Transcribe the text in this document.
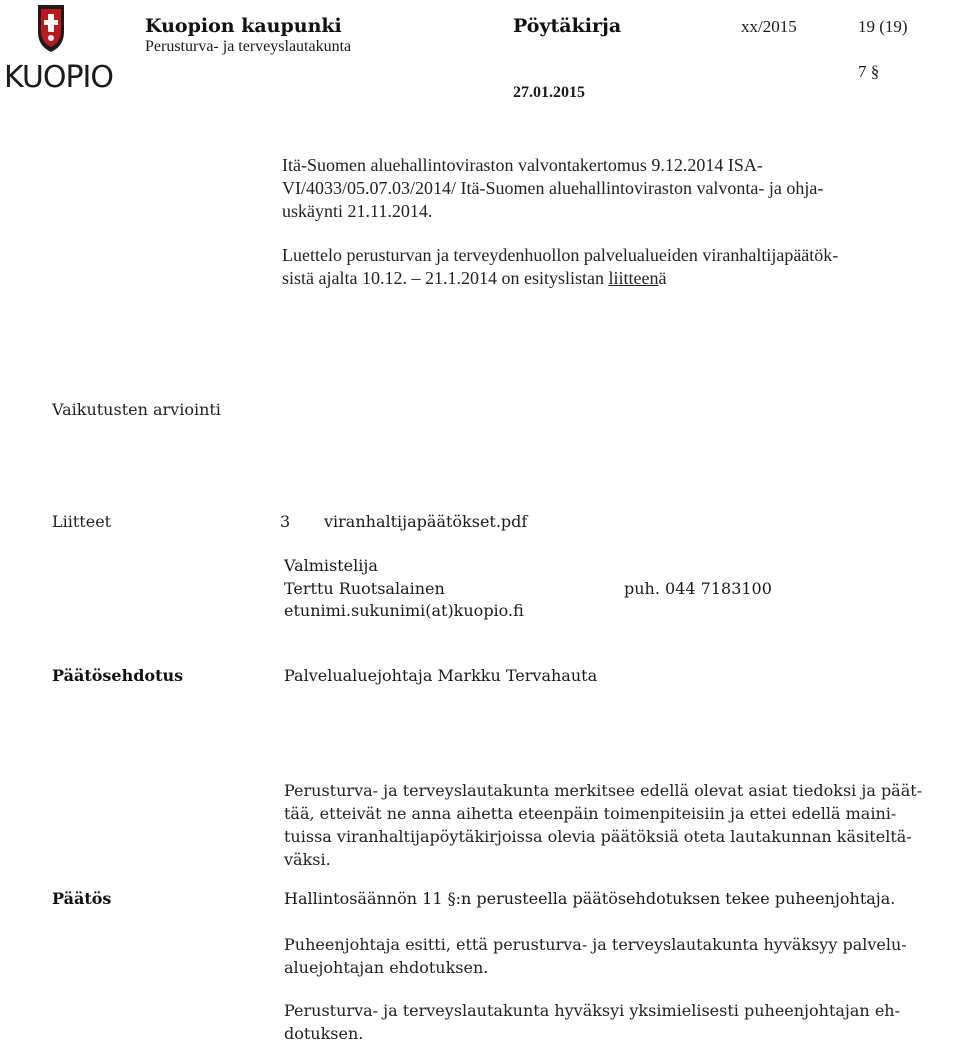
KUOPIO
Kuopion kaupunki
Perusturva- ja terveyslautakunta
Pöytäkirja	xx/2015	19 (19)
7 §
27.01.2015
Itä-Suomen aluehallintoviraston valvontakertomus 9.12.2014 ISA-
VI/4033/05.07.03/2014/ Itä-Suomen aluehallintoviraston valvonta- ja ohja-
uskäynti 21.11.2014.
Luettelo perusturvan ja terveydenhuollon palvelualueiden viranhaltijapäätök-
sistä ajalta 10.12. – 21.1.2014 on esityslistan liitteenä
Vaikutusten arviointi
Liitteet	3 viranhaltijapäätökset.pdf
Valmistelija
Terttu Ruotsalainen	puh. 044 7183100
etunimi.sukunimi(at)kuopio.fi
Päätösehdotus	Palvelualuejohtaja Markku Tervahauta
Perusturva- ja terveyslautakunta merkitsee edellä olevat asiat tiedoksi ja päät-
tää, etteivät ne anna aihetta eteenpäin toimenpiteisiin ja ettei edellä maini-
tuissa viranhaltijapöytäkirjoissa olevia päätöksiä oteta lautakunnan käsiteltä-
väksi.
Päätös	Hallintosäännön 11 §:n perusteella päätösehdotuksen tekee puheenjohtaja.
Puheenjohtaja esitti, että perusturva- ja terveyslautakunta hyväksyy palvelu-
aluejohtajan ehdotuksen.
Perusturva- ja terveyslautakunta hyväksyi yksimielisesti puheenjohtajan eh-
dotuksen.
